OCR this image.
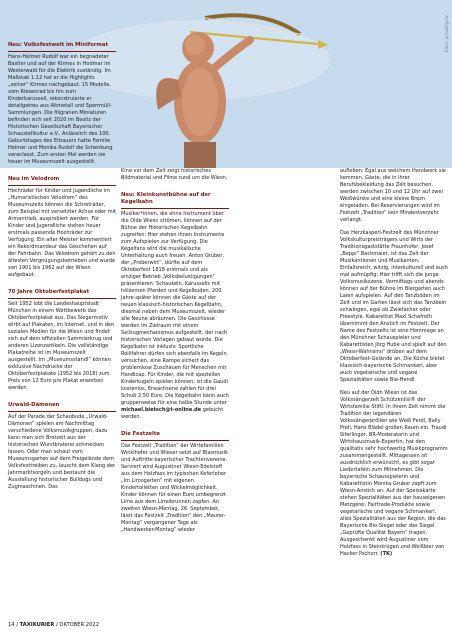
Foto: privat/priv.
Neu: Volksfestwelt im Miniformat

Hans-Helmer Rudolf war ein begnadeter Bastler und auf der Kirmes in Hodmar im Westerwald für die Elektrik zuständig. Im Maßstab 1:12 hat er die Highlights „seiner“ Kirmes nachgebaut. 15 Modelle, vom Riesenrad bis hin zum Kinderkarussell, rekonstruierte er detailgetreu aus Altmetall und Sperrmüll-Sammlungen. Die filigranen Miniaturen befinden sich seit 2020 im Besitz der Historischen Gesellschaft Bayerischer Schaustellkultur e.V.. Anlässlich des 100. Geburtstages des Erbauers hatte Familie Helmer und Monika Rudolf die Schenkung veranlasst. Zum ersten Mal werden sie heuer im Museumszelt ausgestellt.

Neu im Velodrom

Hochräder für Kinder und Jugendliche im „Humoristischen Velodrom“ des Museumszelts können die Schreträder, zum Beispiel mit versetzter Achse oder mit Armantrieb, ausprobiert werden. Für Kinder und Jugendliche stehen heuer erstmals passende Hochräder zur Verfügung. Ein alter Meister kommentiert ein Rekordmandeur das Geschehen auf der Fahrbahn. Das Velodrom gehört zu den ältesten Vergnügungsbetrieben und wurde von 1901 bis 1962 auf der Wiesn aufgebaut.

70 Jahre Oktoberfestplakat

Seit 1952 lobt die Landeshauptstadt München in einem Wettbewerb das Oktoberfestplakat aus. Das Siegermotiv wirbt auf Plakaten, im Internet, und in den sozialen Medien für die Wiesn und findet sich auf dem offiziellen Sammlerkrug und anderen Lizenzartikeln. Die vollständige Plakatreihe ist im Museumszelt ausgestellt. Im „Museumsstandl“ können exklusive Nachdrucke der Oktoberfestplakate (1952 bis 2018) zum Preis von 12 Euro pro Plakat erworben werden.

Urwald-Dämonen

Auf der Parade der Schaubude „Urwald-Dämonen“ spielen am Nachmittag verschiedene Volksmusikgruppen, dazu kann man sich Brotzeit aus der historischen Wurstbraterei schmecken lassen. Oder man schaut vom Museumsgarten auf dem Freigelände dem Volksfesttreiben zu, lauscht dem Klang der Jahrmarktsorgeln und bestaunt die Ausstellung historischer Bulldogs und Zugmaschinen. Das

Kino vor dem Zelt zeigt historisches Bildmaterial und Filme rund um die Wiesn.

Neu: Kleinkunstbühne auf der Kegelbahn

Musiker*innen, die ohne Instrument über die Olde Wiesn strömen, können auf der Bühne der Historischen Kegelbahn zugreifen: Hier stehen ihnen Instrumente zum Aufspielen zur Verfügung. Die Kegelfans wird die musikalische Unterhaltung auch freuen. Anton Gruber, der „Proberwirt“, dürfte auf dem Oktoberfest 1818 erstmals und als einziger Betrieb „Volksbelustigungen“ präsentieren: Schaukeln, Karussells mit hölzernen Pferden und Kegelbuden. 200 Jahre später können die Gäste auf der neuen klassisch-historischen Kegelbahn, diesmal neben dem Museumszelt, wieder alle Neune abräumen. Die Geschosse werden im Zielraum mit einem Seilzugmechanismus aufgestellt, der nach historischen Vorlagen gebaut wurde. Die Kegelbahn ist inklusiv: Sportliche Rollifahrer dürfen sich ebenfalls im Kegeln versuchen, eine Rampe sichert das problemlose Zuschauen für Menschen mit Handicap. Für Kinder, die mit speziellen Kinderkugeln spielen können, ist die Gaudi kostenlos, Erwachsene zahlen für drei Schub 2,50 Euro. Die Kegelbahn kann auch gruppenweise für eine halbe Stunde unter michael.bietsch@t-online.de gebucht werden.

Die Festzelte

Das Festzelt „Tradition“ der Wirtefamilien Winklhofer und Wieser setzt auf Blasmusik und Auftritte bayerischer Trachtenvereine. Serviert wird Augustiner Wiesn-Edelstoff aus dem Holzfass im typischen Keferloher „Im Limogarten“ mit eigenen Kindertoiletten und Wickelmöglichkeit. Kinder können für einen Euro umbegrenzt Limo aus dem Limobrunnen zapfen. An zweiten Wiesn-Montag, 26. September, lässt das Festzelt „Tradition“ den „Maurer-Montag“ vergangener Tage als „Handwerker-Montag“ wieder

aufleben: Egal aus welchem Handwerk sie kommen, Gäste, die in ihrer Berufsbekleidung das Zelt besuchen, werden zwischen 10 und 12 Uhr auf zwei Weißwürste und eine kleine Brezn eingeladen. Bei Reservierungen wird im Festzelt „Tradition“ kein Mindestverzehr verlangt.

Das Herzkasperl-Festzelt des Münchner Volkskulturpreisträgers und Wirts der Traditionsgaststätte Fraunhofer, Josef „Beppi“ Bachmaier, ist das Zelt der Musikantinnen und Musikanten. Einfallsreich, witzig, interkulturell und auch mal aufmüpfig: Hier trifft sich die junge Volksmusikszene. Vormittags und abends können auf der Bühne im Biergarten auch Laien aufspielen. Auf den Tanzböden im Zelt und im Garten lässt sich das Tanzbein schwingen, egal ob Zwiefacher oder Freestyle. Kabarettist Maxl Schafroth übernimmt den Anstich im Festzelt. Der Name des Festzelts ist eine Hommage an den Münchner Schauspieler und Kabarettisten Jörg Hube und spielt auf den „Wiesn-Wahnsinn“ drüben auf dem Oktoberfest-Gelände an. Die Küche bietet klassisch-bayerische Schmankerl, aber auch vegetarische und vegane Spezialitäten sowie Bio-Hendl.

Neu auf der Oidn Wiesn ist das Volkssängerzelt Schützenlisl® der Wirtsfamilie Stiftl. In ihrem Zelt nimmt die Tradition der legendären Volkssängerpröllen wie Weiß Ferdl, Bally Prell, Hans Blädel großen Raum ein. Traudi Siferlinger, BR-Moderatorin und Wirtshausmusik-Expertin, hat den qualitativ sehr hochwertig Musikprogramm zusammengestellt. Mittagessen ist ausdrücklich erwünscht, es gibt sogar Liedertafeln zum Mitnehmen. Die bayerische Schausspielerin und Kabarettistin Monika Gruber zapft zum Wiesn-Anstich an. Auf der Speisekarte stehen Spezialitäten aus der hauseigenen Metzgerei, Fairtrade-Produkte sowie vegetarische und vegane Schmankerl, alles Spezialitäten aus der Region, die das Bayerische Bio-Siegel oder das Siegel „Geprüfte Qualität Bayern“ tragen. Ausgeschenkt wird Augustiner vom Holzfass in Steinkrügen und Weißbier von Hacker Pschorr. (TK)

14 / TAXIKURIER / OKTOBER 2022
